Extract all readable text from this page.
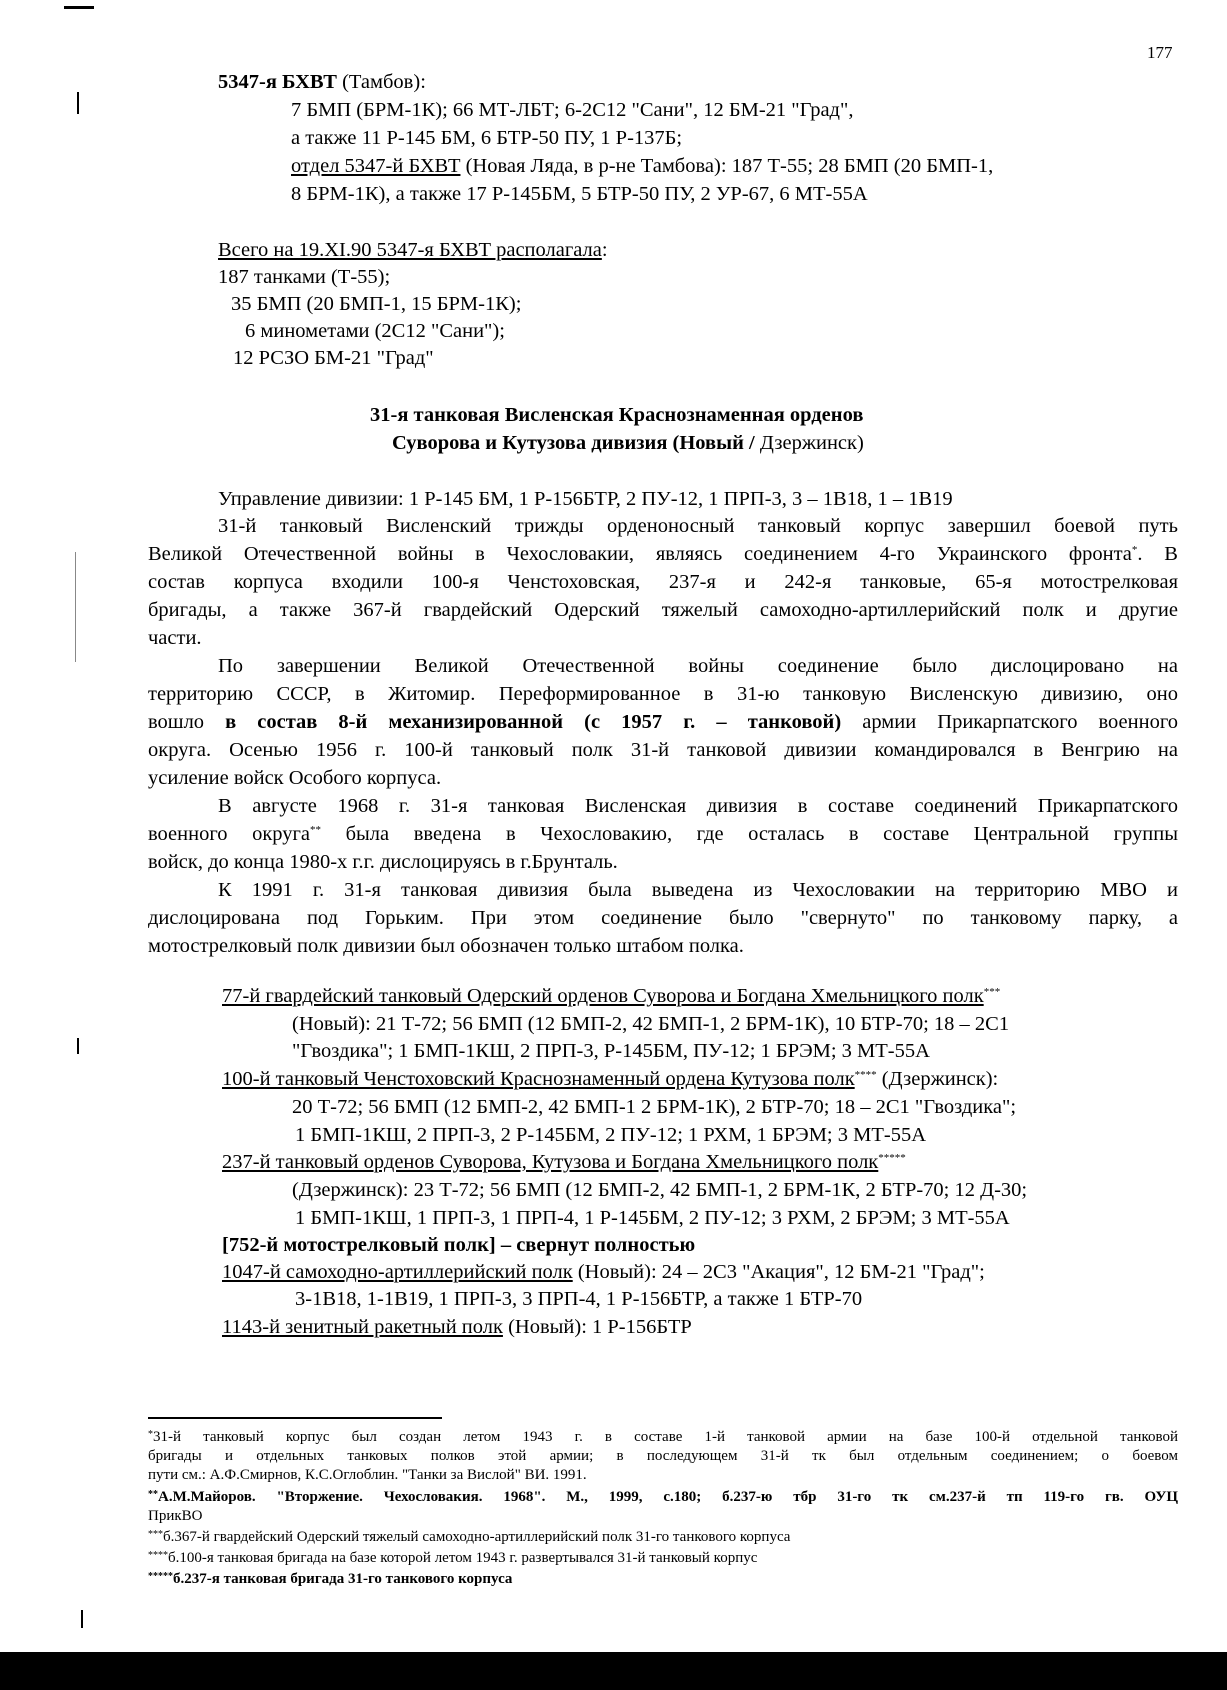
177
5347-я БХВТ (Тамбов):
7 БМП (БРМ-1К); 66 МТ-ЛБТ; 6-2С12 "Сани", 12 БМ-21 "Град",
а также 11 Р-145 БМ, 6 БТР-50 ПУ, 1 Р-137Б;
отдел 5347-й БХВТ (Новая Ляда, в р-не Тамбова): 187 Т-55; 28 БМП (20 БМП-1,
8 БРМ-1К), а также 17 Р-145БМ, 5 БТР-50 ПУ, 2 УР-67, 6 МТ-55А
Всего на 19.XI.90 5347-я БХВТ располагала:
187 танками (Т-55);
35 БМП (20 БМП-1, 15 БРМ-1К);
6 минометами (2С12 "Сани");
12 РСЗО БМ-21 "Град"
31-я танковая Висленская Краснознаменная орденов
Суворова и Кутузова дивизия (Новый / Дзержинск)
Управление дивизии: 1 Р-145 БМ, 1 Р-156БТР, 2 ПУ-12, 1 ПРП-3, 3 – 1В18, 1 – 1В19
31-й танковый Висленский трижды орденоносный танковый корпус завершил боевой путь
Великой Отечественной войны в Чехословакии, являясь соединением 4-го Украинского фронта*. В
состав корпуса входили 100-я Ченстоховская, 237-я и 242-я танковые, 65-я мотострелковая
бригады, а также 367-й гвардейский Одерский тяжелый самоходно-артиллерийский полк и другие
части.
По завершении Великой Отечественной войны соединение было дислоцировано на
территорию СССР, в Житомир. Переформированное в 31-ю танковую Висленскую дивизию, оно
вошло в состав 8-й механизированной (с 1957 г. – танковой) армии Прикарпатского военного
округа. Осенью 1956 г. 100-й танковый полк 31-й танковой дивизии командировался в Венгрию на
усиление войск Особого корпуса.
В августе 1968 г. 31-я танковая Висленская дивизия в составе соединений Прикарпатского
военного округа** была введена в Чехословакию, где осталась в составе Центральной группы
войск, до конца 1980-х г.г. дислоцируясь в г.Брунталь.
К 1991 г. 31-я танковая дивизия была выведена из Чехословакии на территорию МВО и
дислоцирована под Горьким. При этом соединение было "свернуто" по танковому парку, а
мотострелковый полк дивизии был обозначен только штабом полка.
77-й гвардейский танковый Одерский орденов Суворова и Богдана Хмельницкого полк***
(Новый): 21 Т-72; 56 БМП (12 БМП-2, 42 БМП-1, 2 БРМ-1К), 10 БТР-70; 18 – 2С1
"Гвоздика"; 1 БМП-1КШ, 2 ПРП-3, Р-145БМ, ПУ-12; 1 БРЭМ; 3 МТ-55А
100-й танковый Ченстоховский Краснознаменный ордена Кутузова полк**** (Дзержинск):
20 Т-72; 56 БМП (12 БМП-2, 42 БМП-1 2 БРМ-1К), 2 БТР-70; 18 – 2С1 "Гвоздика";
1 БМП-1КШ, 2 ПРП-3, 2 Р-145БМ, 2 ПУ-12; 1 РХМ, 1 БРЭМ; 3 МТ-55А
237-й танковый орденов Суворова, Кутузова и Богдана Хмельницкого полк*****
(Дзержинск): 23 Т-72; 56 БМП (12 БМП-2, 42 БМП-1, 2 БРМ-1К, 2 БТР-70; 12 Д-30;
1 БМП-1КШ, 1 ПРП-3, 1 ПРП-4, 1 Р-145БМ, 2 ПУ-12; 3 РХМ, 2 БРЭМ; 3 МТ-55А
[752-й мотострелковый полк] – свернут полностью
1047-й самоходно-артиллерийский полк (Новый): 24 – 2С3 "Акация", 12 БМ-21 "Град";
3-1В18, 1-1В19, 1 ПРП-3, 3 ПРП-4, 1 Р-156БТР, а также 1 БТР-70
1143-й зенитный ракетный полк (Новый): 1 Р-156БТР
*31-й танковый корпус был создан летом 1943 г. в составе 1-й танковой армии на базе 100-й отдельной танковой
бригады и отдельных танковых полков этой армии; в последующем 31-й тк был отдельным соединением; о боевом
пути см.: А.Ф.Смирнов, К.С.Оглоблин. "Танки за Вислой" ВИ. 1991.
**А.М.Майоров. "Вторжение. Чехословакия. 1968". М., 1999, с.180; б.237-ю тбр 31-го тк см.237-й тп 119-го гв. ОУЦ
ПрикВО
***б.367-й гвардейский Одерский тяжелый самоходно-артиллерийский полк 31-го танкового корпуса
****б.100-я танковая бригада на базе которой летом 1943 г. развертывался 31-й танковый корпус
*****б.237-я танковая бригада 31-го танкового корпуса
